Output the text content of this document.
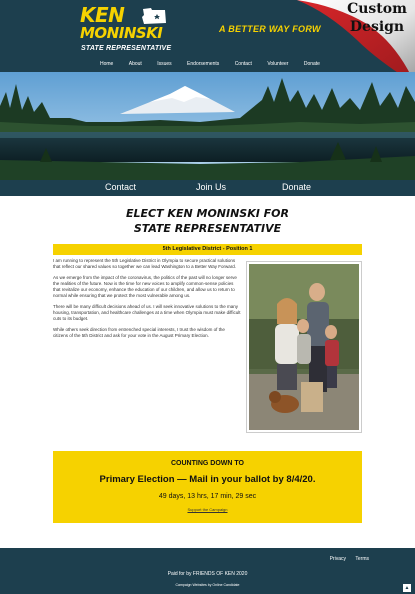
KEN
MONINSKI
STATE REPRESENTATIVE
A BETTER WAY FORW
Home	About	Issues	Endorsements	Contact	Volunteer	Donate
Custom
Design
Contact	Join Us	Donate
ELECT KEN MONINSKI FOR
STATE REPRESENTATIVE
5th Legislative District - Position 1

I am running to represent the 5th Legislative District in Olympia to secure practical solutions that reflect our shared values so together we can lead Washington to a Better Way Forward.

As we emerge from the impact of the coronavirus, the politics of the past will no longer serve the realities of the future. Now is the time for new voices to amplify common-sense policies that revitalize our economy, enhance the education of our children, and allow us to return to normal while ensuring that we protect the most vulnerable among us.

There will be many difficult decisions ahead of us. I will seek innovative solutions to the many housing, transportation, and healthcare challenges at a time when Olympia must make difficult cuts to its budget.

While others seek direction from entrenched special interests, I trust the wisdom of the citizens of the 5th District and ask for your vote in the August Primary Election.

COUNTING DOWN TO
Primary Election — Mail in your ballot by 8/4/20.
49 days, 13 hrs, 17 min, 29 sec
Support the Campaign
Privacy Terms
Paid for by FRIENDS OF KEN 2020
Campaign Websites by Online Candidate	▲
